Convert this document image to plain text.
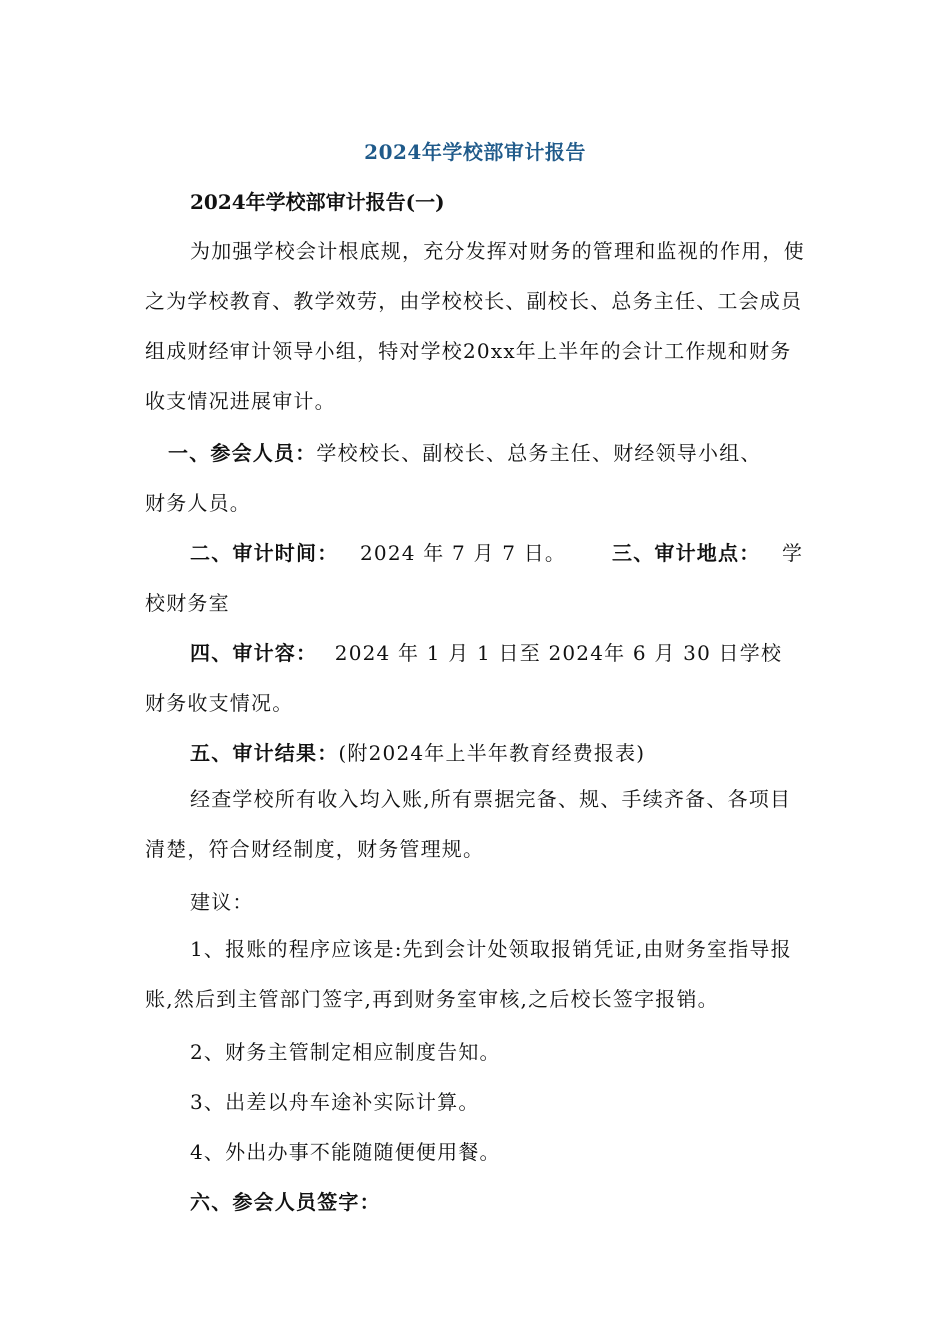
2024年学校部审计报告
2024年学校部审计报告(一)
为加强学校会计根底规，充分发挥对财务的管理和监视的作用，使之为学校教育、教学效劳，由学校校长、副校长、总务主任、工会成员组成财经审计领导小组，特对学校20xx年上半年的会计工作规和财务收支情况进展审计。
一、参会人员：学校校长、副校长、总务主任、财经领导小组、
财务人员。
二、审计时间： 2024 年 7 月 7 日。 三、审计地点： 学
校财务室
四、审计容： 2024 年 1 月 1 日至 2024年 6 月 30 日学校
财务收支情况。
五、审计结果：(附2024年上半年教育经费报表)
经查学校所有收入均入账,所有票据完备、规、手续齐备、各项目清楚，符合财经制度，财务管理规。
建议：
1、报账的程序应该是:先到会计处领取报销凭证,由财务室指导报账,然后到主管部门签字,再到财务室审核,之后校长签字报销。
2、财务主管制定相应制度告知。
3、出差以舟车途补实际计算。
4、外出办事不能随随便便用餐。
六、参会人员签字：
